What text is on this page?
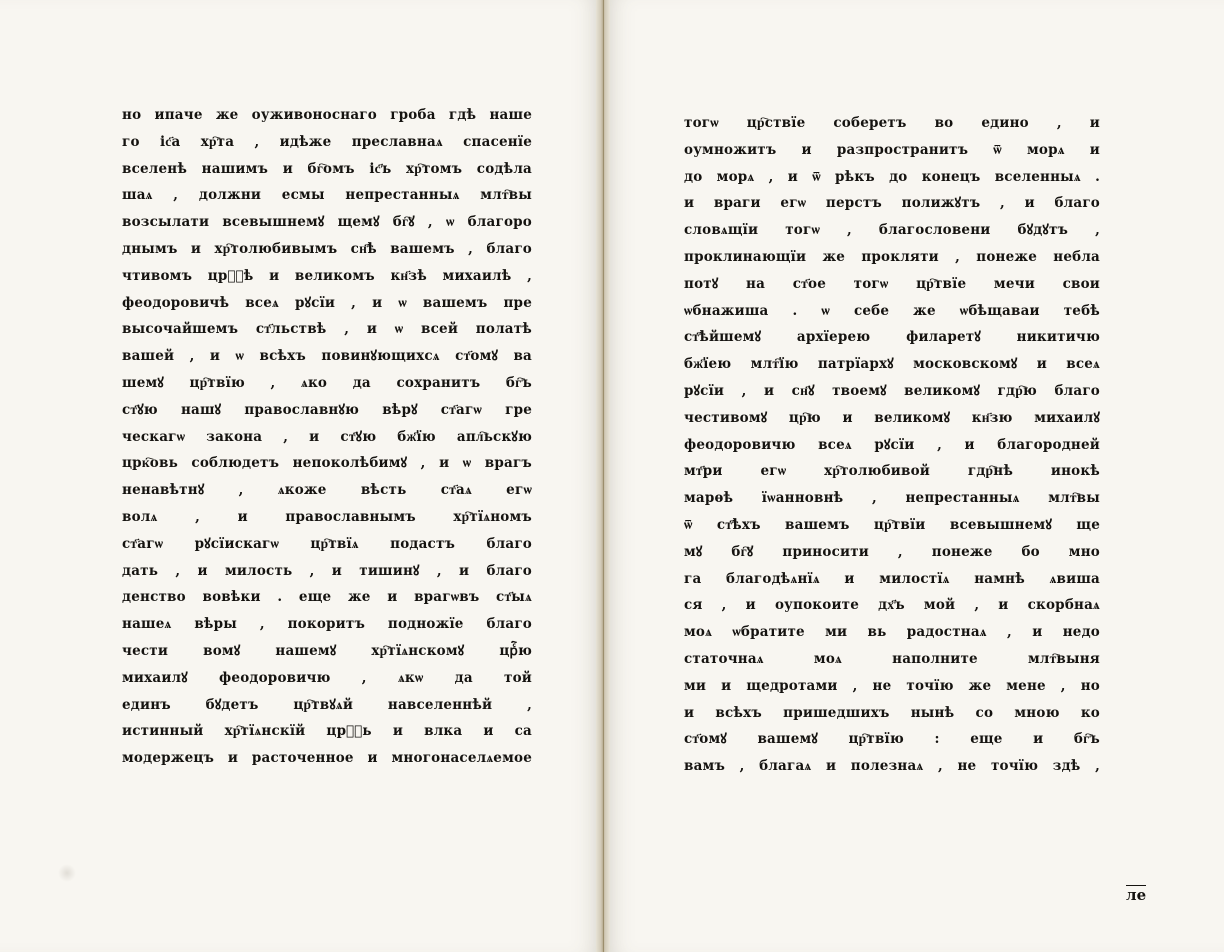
но ипаче же оуживоноснаго гроба гдѣ наше
го іс҃а хр҇та , идѣже преславнаѧ спасенїе
вселенѣ нашимъ и бг҇омъ іс҃ъ хр҇томъ содѣла
шаѧ , должни есмы непрестанныѧ млт҇вы
возсылати всевышнемꙋ щемꙋ бг҇ꙋ , ѡ благоро
днымъ и хр҇толюбивымъ сн҃ѣ вашемъ , благо
чтивомъ црⷭ҇ѣ и великомъ кн҃зѣ михаилѣ ,
феодоровичѣ всеѧ рꙋсїи , и ѡ вашемъ пре
высочайшемъ ст҃льствѣ , и ѡ всей полатѣ
вашей , и ѡ всѣхъ повинꙋющихсѧ ст҃омꙋ ва
шемꙋ цр҇твїю , ѧко да сохранитъ бг҇ъ
ст҃ꙋю нашꙋ православнꙋю вѣрꙋ ст҃агѡ гре
ческагѡ закона , и ст҃ꙋю бж҃їю апл҇ьскꙋю
црк҇овь соблюдетъ непоколѣбимꙋ , и ѡ врагъ
ненавѣтнꙋ , ѧкоже вѣсть ст҃аѧ егѡ
волѧ , и православнымъ хр҇тїѧномъ
ст҃агѡ рꙋсїискагѡ цр҇твїѧ подастъ благо
дать , и милость , и тишинꙋ , и благо
денство вовѣки . еще же и врагѡвъ ст҃ыѧ
нашеѧ вѣры , покоритъ подножїе благо
чести вомꙋ нашемꙋ хр҇тїѧнскомꙋ црⷭ҇ю
михаилꙋ феодоровичю , ѧкѡ да той
единъ бꙋдетъ цр҇твꙋѧй навселеннѣй ,
истинный хр҇тїѧнскїй црⷭ҇ь и влка и са
модержецъ и расточенное и многонаселѧемое
тогѡ цр҇ствїе соберетъ во едино , и
оумножитъ и разпространитъ ѿ морѧ и
до морѧ , и ѿ рѣкъ до конецъ вселенныѧ .
и враги егѡ перстъ полижꙋтъ , и благо
словѧщїи тогѡ , благословени бꙋдꙋтъ ,
проклинающїи же прокляти , понеже небла
потꙋ на ст҃ое тогѡ цр҇твїе мечи свои
ѡбнажиша . ѡ себе же ѡбѣщаваи тебѣ
ст҃ѣйшемꙋ архїерею филаретꙋ никитичю
бж҃їею млт҇їю патрїархꙋ московскомꙋ и всеѧ
рꙋсїи , и сн҃ꙋ твоемꙋ великомꙋ гдр҇ю благо
честивомꙋ цр҇ю и великомꙋ кн҃зю михаилꙋ
феодоровичю всеѧ рꙋсїи , и благородней
мт҃ри егѡ хр҇толюбивой гдр҇нѣ инокѣ
марѳѣ їѡанновнѣ , непрестанныѧ млт҇вы
ѿ ст҃ѣхъ вашемъ цр҇твїи всевышнемꙋ ще
мꙋ бг҇ꙋ приносити , понеже бо мно
га благодѣѧнїѧ и милостїѧ намнѣ ѧвиша
ся , и оупокоите дх҃ъ мой , и скорбнаѧ
моѧ ѡбратите ми вь радостнаѧ , и недо
статочнаѧ моѧ наполните млт҇выня
ми и щедротами , не точїю же мене , но
и всѣхъ пришедшихъ нынѣ со мною ко
ст҃омꙋ вашемꙋ цр҇твїю : еще и бг҇ъ
вамъ , благаѧ и полезнаѧ , не точїю здѣ ,
ле
